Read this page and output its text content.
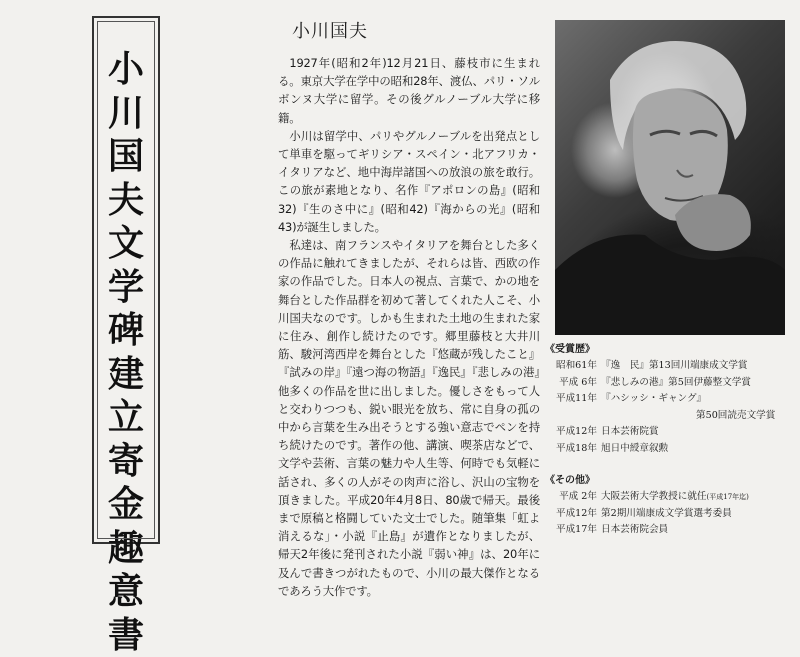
小
川
国
夫
文
学
碑
建
立
寄
金
趣
意
書
小川国夫

1927年(昭和2年)12月21日、藤枝市に生まれる。東京大学在学中の昭和28年、渡仏、パリ・ソルボンヌ大学に留学。その後グルノーブル大学に移籍。

小川は留学中、パリやグルノーブルを出発点として単車を駆ってギリシア・スペイン・北アフリカ・イタリアなど、地中海岸諸国への放浪の旅を敢行。この旅が素地となり、名作『アポロンの島』(昭和32)『生のさ中に』(昭和42)『海からの光』(昭和43)が誕生しました。

私達は、南フランスやイタリアを舞台とした多くの作品に触れてきましたが、それらは皆、西欧の作家の作品でした。日本人の視点、言葉で、かの地を舞台とした作品群を初めて著してくれた人こそ、小川国夫なのです。しかも生まれた土地の生まれた家に住み、創作し続けたのです。郷里藤枝と大井川筋、駿河湾西岸を舞台とした『悠蔵が残したこと』『試みの岸』『遠つ海の物語』『逸民』『悲しみの港』他多くの作品を世に出しました。優しさをもって人と交わりつつも、鋭い眼光を放ち、常に自身の孤の中から言葉を生み出そうとする強い意志でペンを持ち続けたのです。著作の他、講演、喫茶店などで、文学や芸術、言葉の魅力や人生等、何時でも気軽に話され、多くの人がその肉声に浴し、沢山の宝物を頂きました。平成20年4月8日、80歳で帰天。最後まで原稿と格闘していた文士でした。随筆集「虹よ消えるな」・小説『止島』が遺作となりましたが、帰天2年後に発刊された小説『弱い神』は、20年に及んで書きつがれたもので、小川の最大傑作となるであろう大作です。

《受賞歴》
昭和61年 『逸　民』第13回川端康成文学賞
平成 6年 『悲しみの港』第5回伊藤整文学賞
平成11年 『ハシッシ・ギャング』
第50回読売文学賞
平成12年 日本芸術院賞
平成18年 旭日中綬章叙勲
《その他》
平成 2年 大阪芸術大学教授に就任 (平成17年迄)
平成12年 第2期川端康成文学賞選考委員
平成17年 日本芸術院会員
